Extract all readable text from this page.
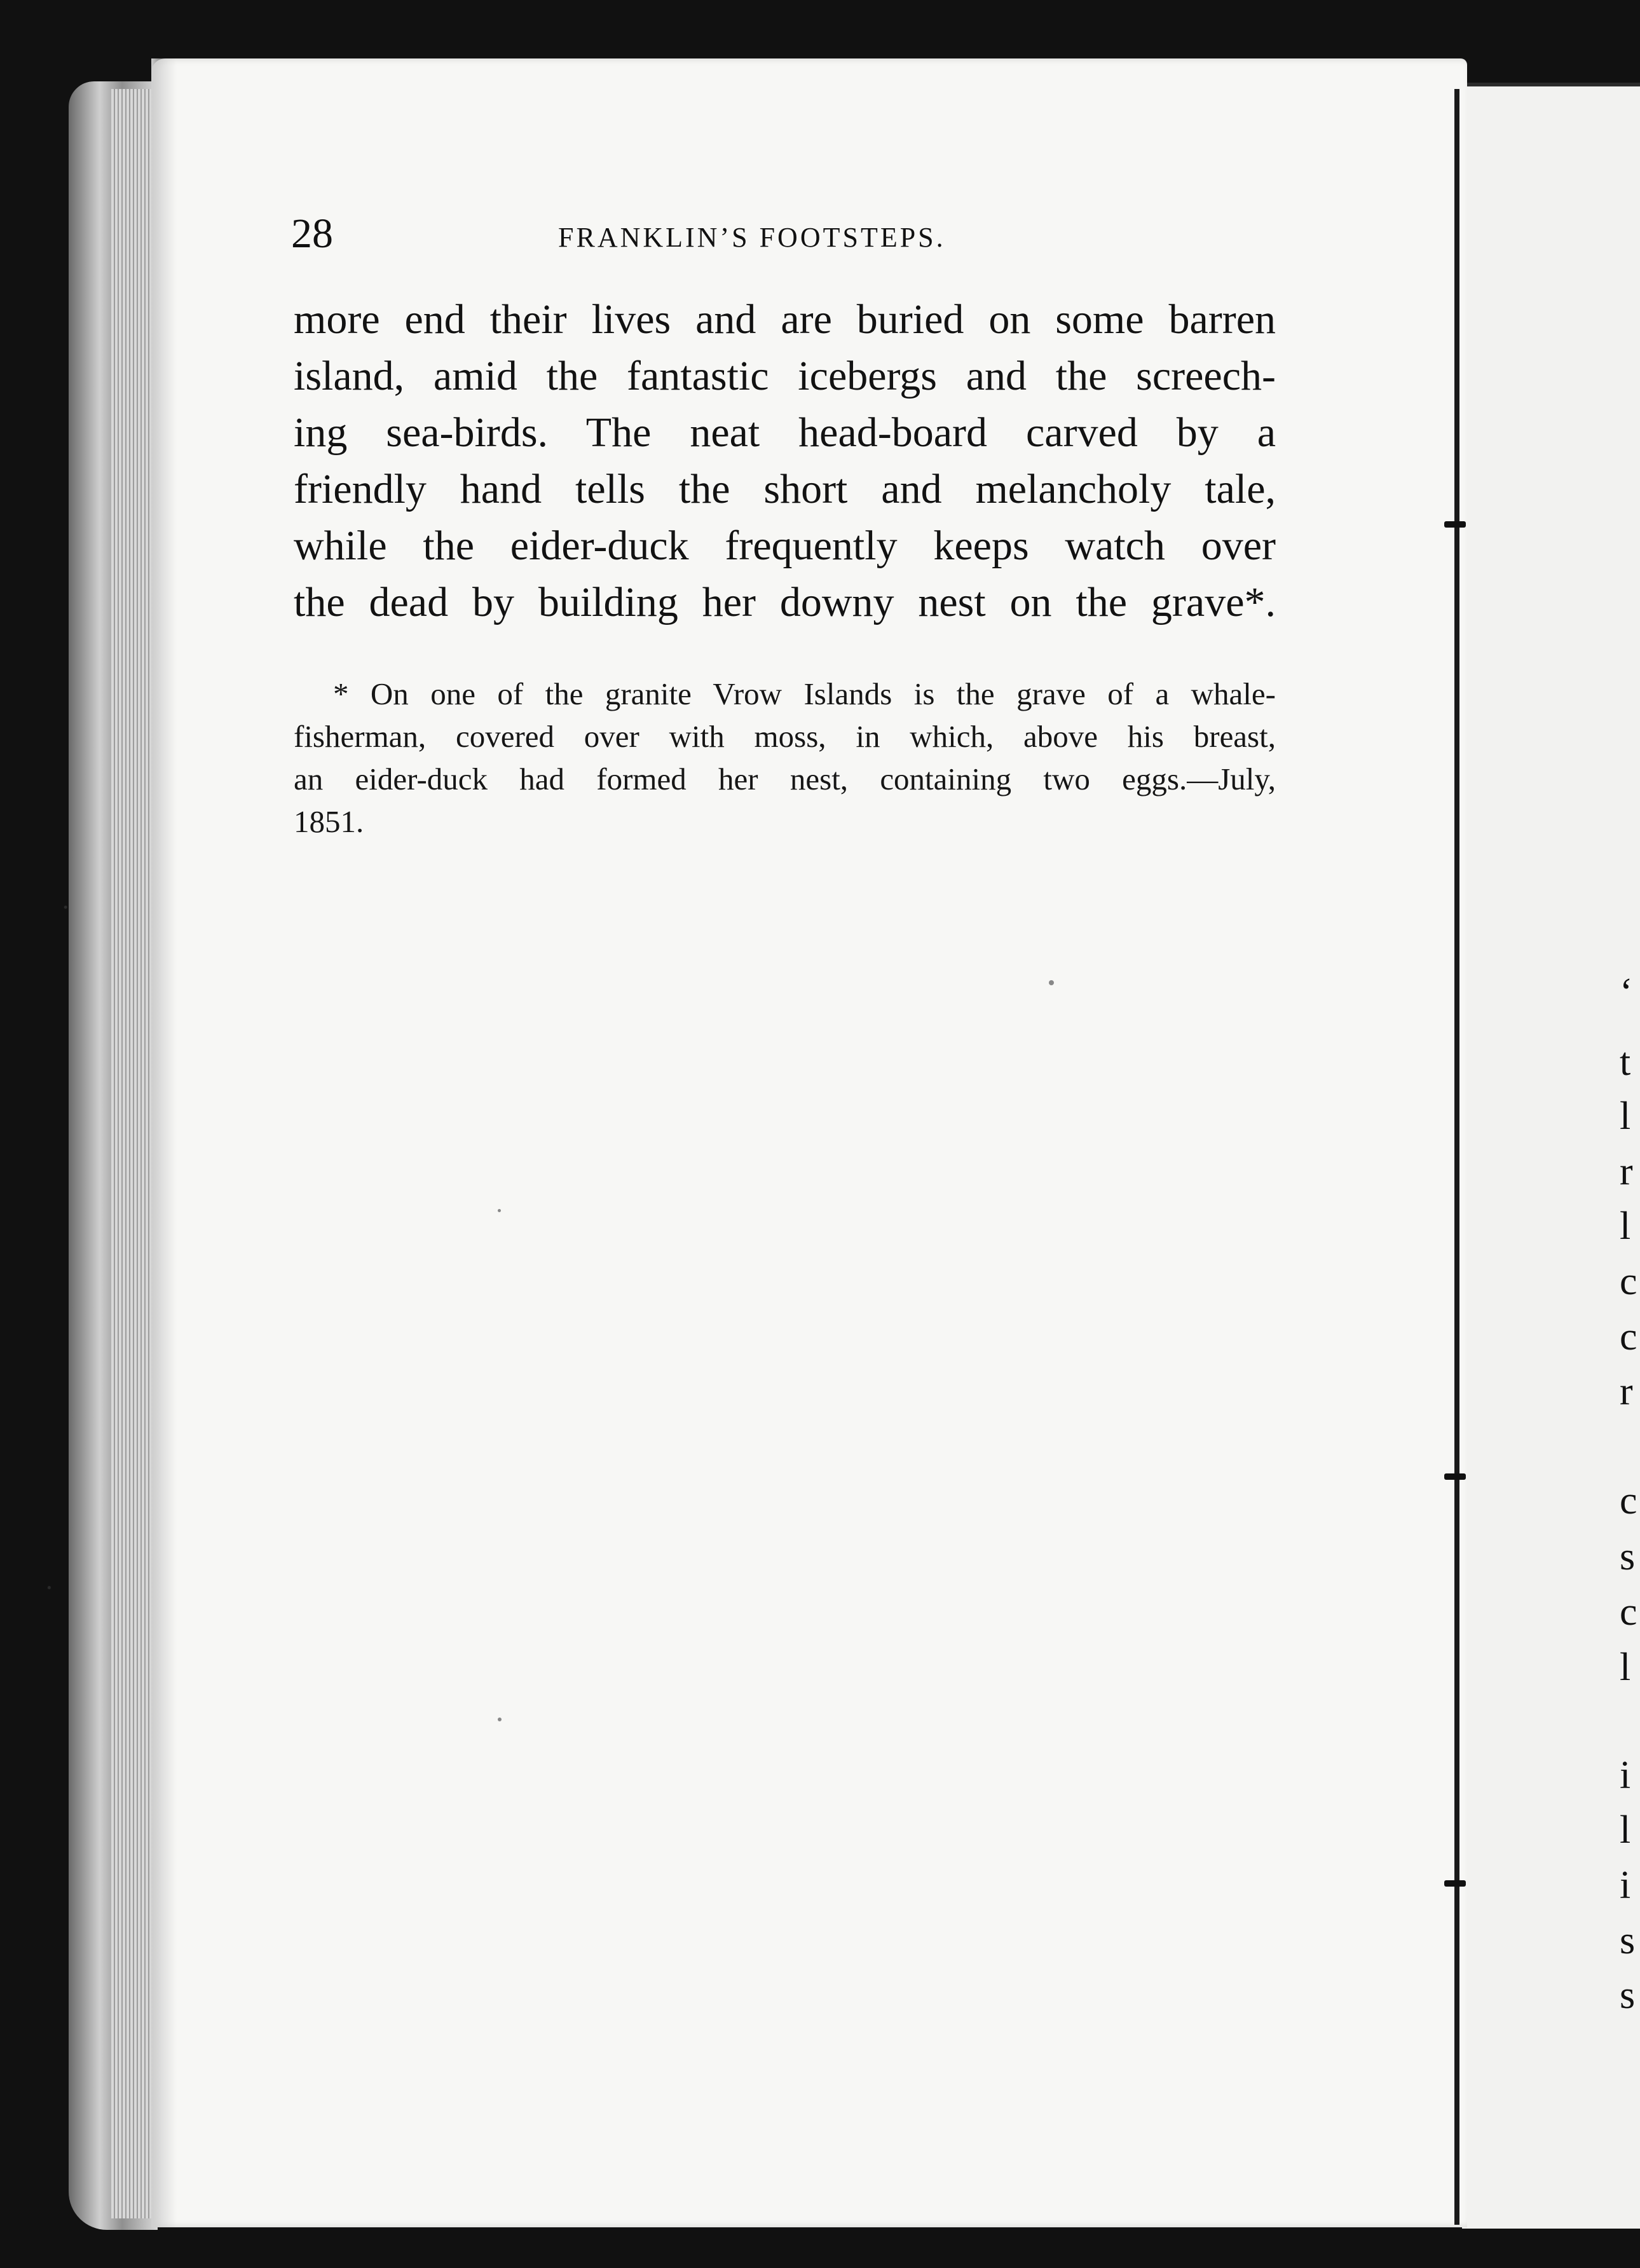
‘
t
l
r
l
c
c
r
c
s
c
l
i
l
i
s
s
28	FRANKLIN’S FOOTSTEPS.
more end their lives and are buried on some barren
island, amid the fantastic icebergs and the screech-
ing sea-birds. The neat head-board carved by a
friendly hand tells the short and melancholy tale,
while the eider-duck frequently keeps watch over
the dead by building her downy nest on the grave*.
* On one of the granite Vrow Islands is the grave of a whale-
fisherman, covered over with moss, in which, above his breast,
an eider-duck had formed her nest, containing two eggs.—July,
1851.
